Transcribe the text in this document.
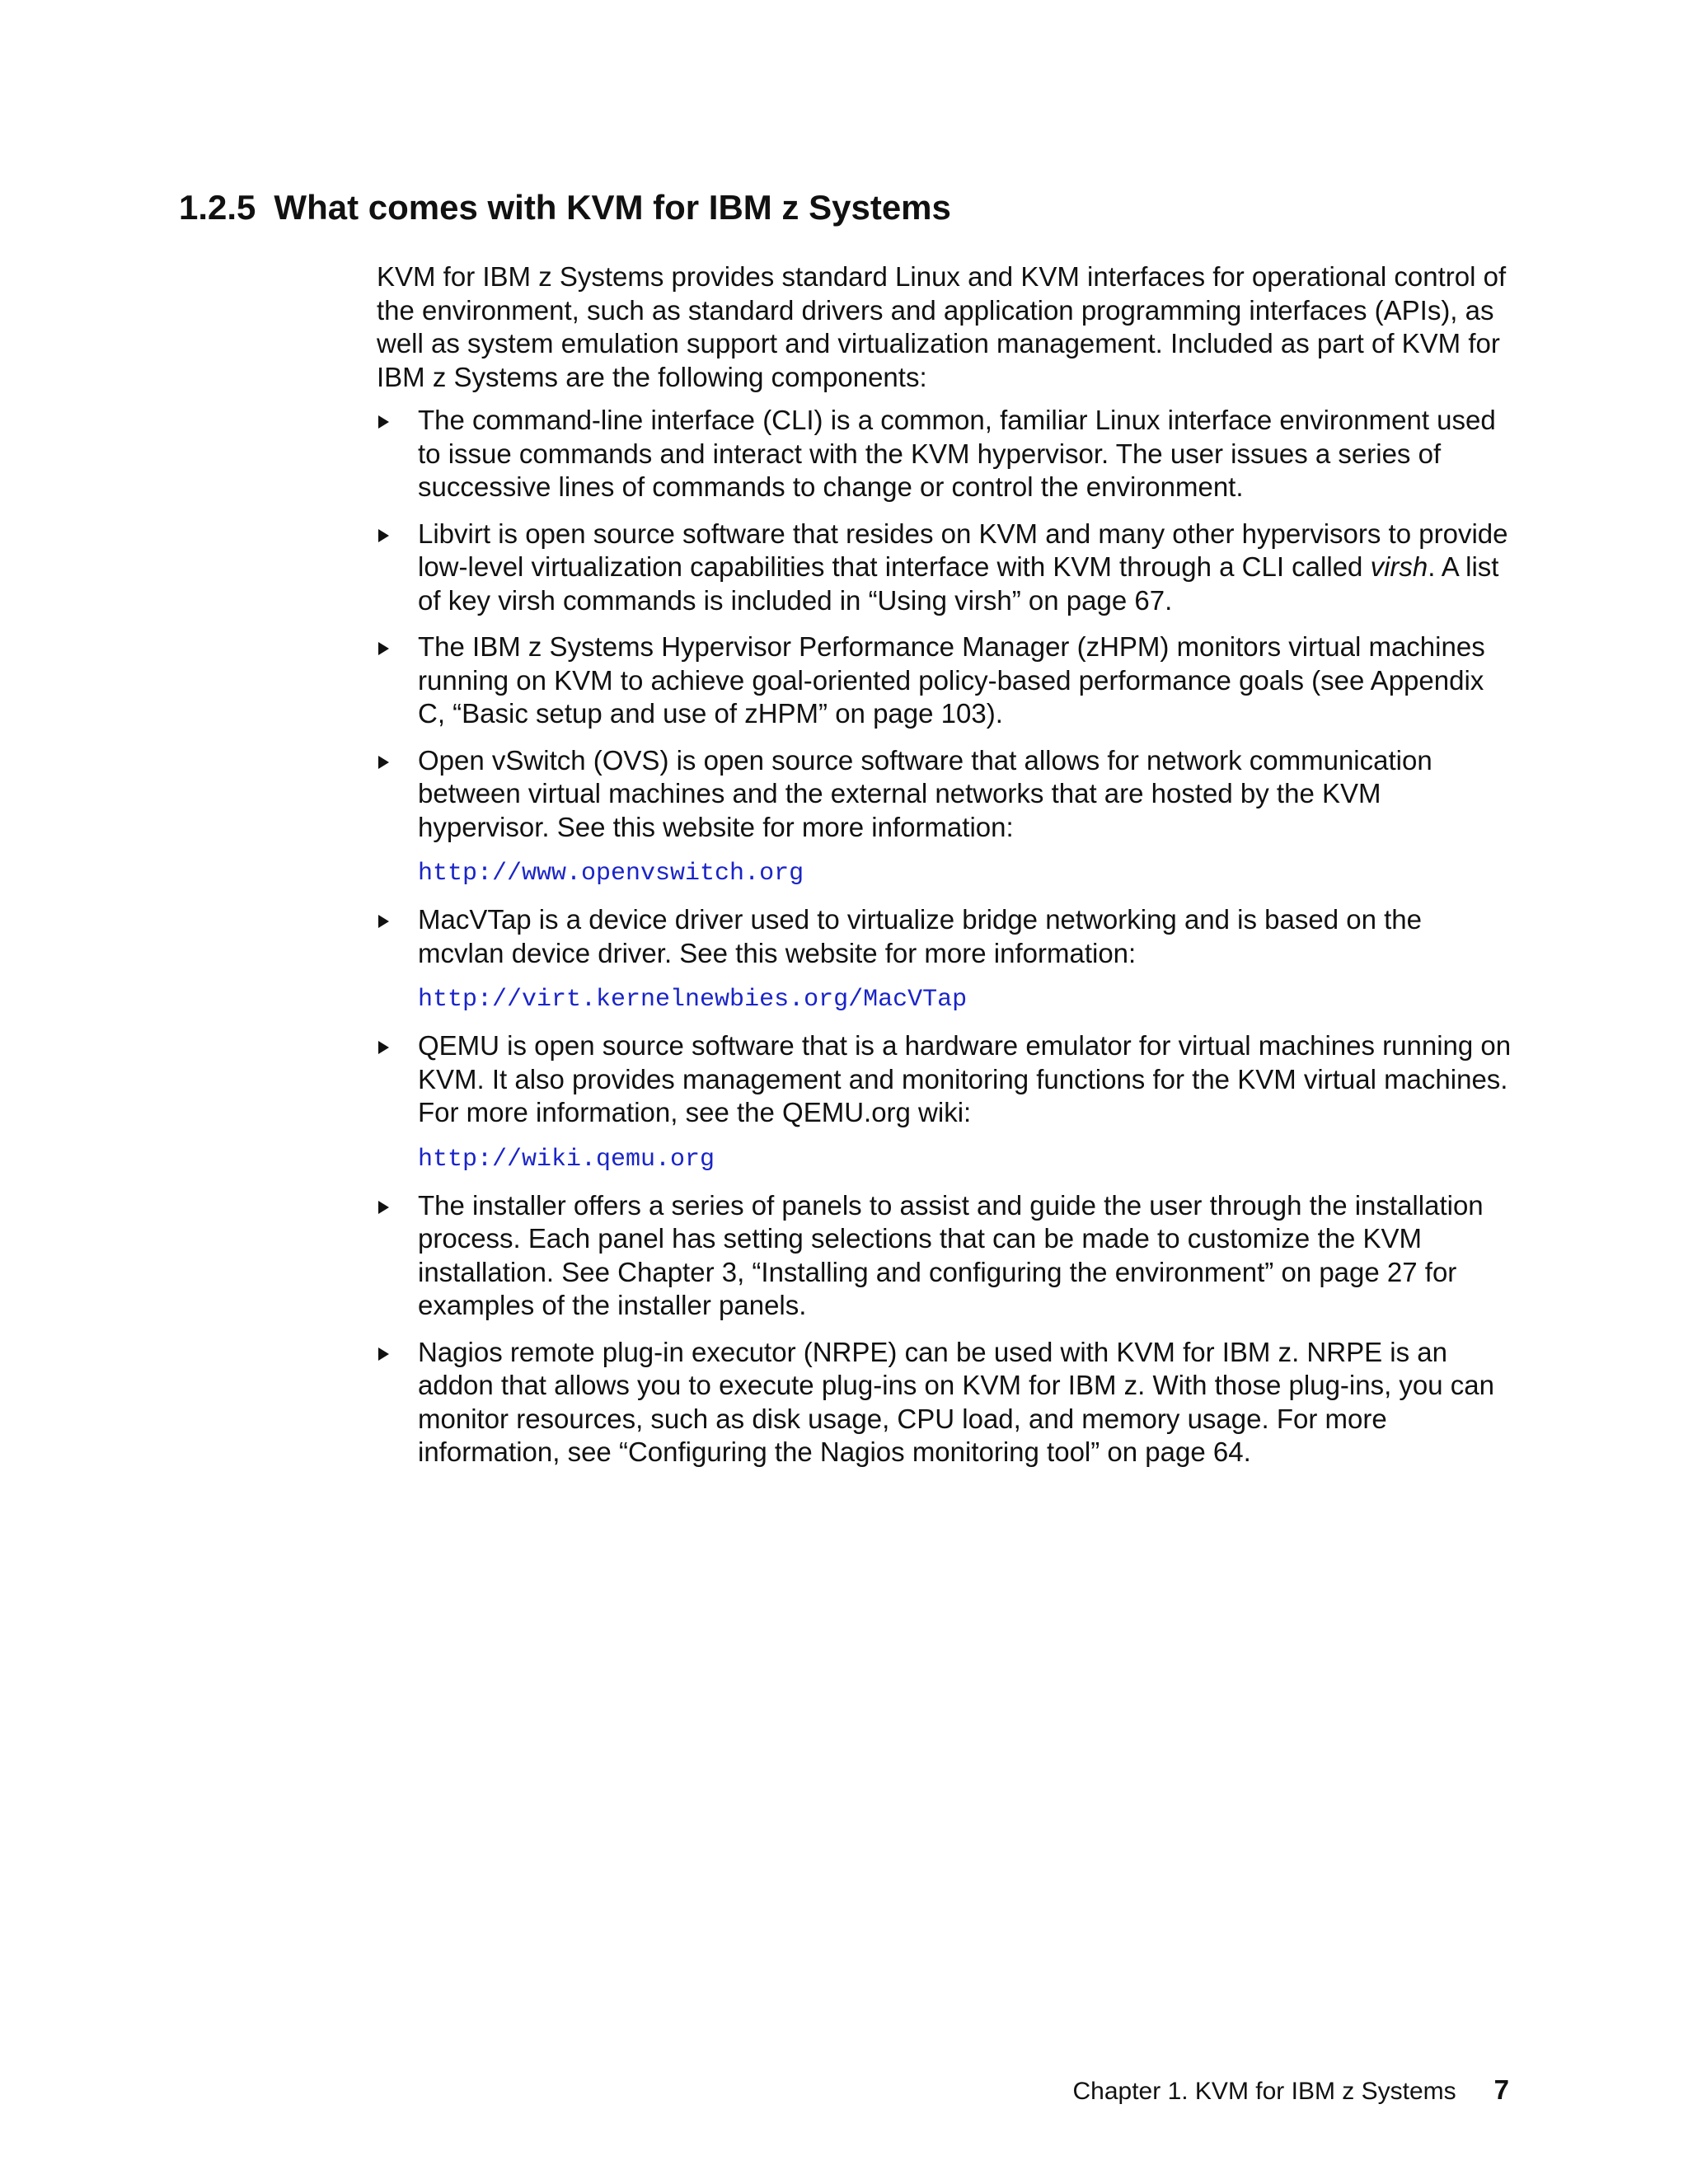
1.2.5 What comes with KVM for IBM z Systems

KVM for IBM z Systems provides standard Linux and KVM interfaces for operational control of the environment, such as standard drivers and application programming interfaces (APIs), as well as system emulation support and virtualization management. Included as part of KVM for IBM z Systems are the following components:

The command-line interface (CLI) is a common, familiar Linux interface environment used to issue commands and interact with the KVM hypervisor. The user issues a series of successive lines of commands to change or control the environment.

Libvirt is open source software that resides on KVM and many other hypervisors to provide low-level virtualization capabilities that interface with KVM through a CLI called virsh. A list of key virsh commands is included in “Using virsh” on page 67.

The IBM z Systems Hypervisor Performance Manager (zHPM) monitors virtual machines running on KVM to achieve goal-oriented policy-based performance goals (see Appendix C, “Basic setup and use of zHPM” on page 103).

Open vSwitch (OVS) is open source software that allows for network communication between virtual machines and the external networks that are hosted by the KVM hypervisor. See this website for more information:

http://www.openvswitch.org

MacVTap is a device driver used to virtualize bridge networking and is based on the mcvlan device driver. See this website for more information:

http://virt.kernelnewbies.org/MacVTap

QEMU is open source software that is a hardware emulator for virtual machines running on KVM. It also provides management and monitoring functions for the KVM virtual machines. For more information, see the QEMU.org wiki:

http://wiki.qemu.org

The installer offers a series of panels to assist and guide the user through the installation process. Each panel has setting selections that can be made to customize the KVM installation. See Chapter 3, “Installing and configuring the environment” on page 27 for examples of the installer panels.

Nagios remote plug-in executor (NRPE) can be used with KVM for IBM z. NRPE is an addon that allows you to execute plug-ins on KVM for IBM z. With those plug-ins, you can monitor resources, such as disk usage, CPU load, and memory usage. For more information, see “Configuring the Nagios monitoring tool” on page 64.

Chapter 1. KVM for IBM z Systems 7
